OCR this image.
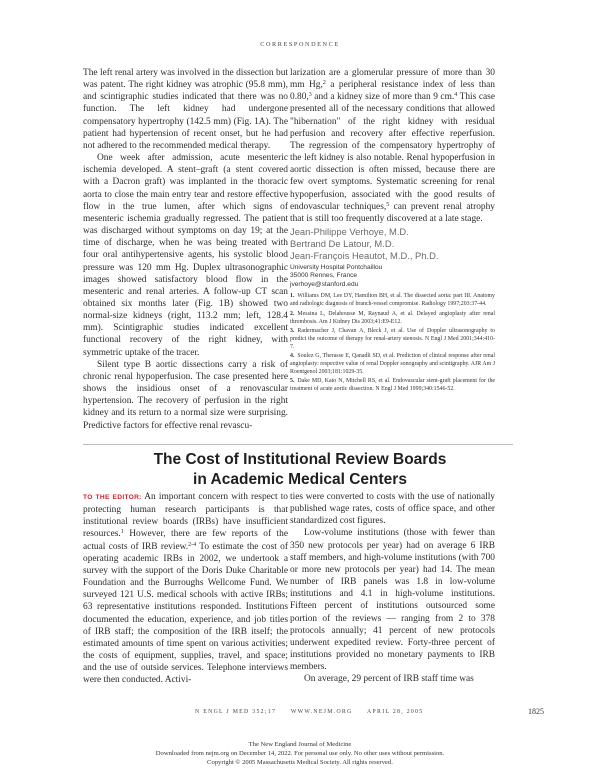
CORRESPONDENCE

The left renal artery was involved in the dissection but was patent. The right kidney was atrophic (95.8 mm), and scintigraphic studies indicated that there was no function. The left kidney had undergone compensatory hypertrophy (142.5 mm) (Fig. 1A). The patient had hypertension of recent onset, but he had not adhered to the recommended medical therapy.

One week after admission, acute mesenteric ischemia developed. A stent–graft (a stent covered with a Dacron graft) was implanted in the thoracic aorta to close the main entry tear and restore effective flow in the true lumen, after which signs of mesenteric ischemia gradually regressed. The patient was discharged without symptoms on day 19; at the time of discharge, when he was being treated with four oral antihypertensive agents, his systolic blood pressure was 120 mm Hg. Duplex ultrasonographic images showed satisfactory blood flow in the mesenteric and renal arteries. A follow-up CT scan obtained six months later (Fig. 1B) showed two normal-size kidneys (right, 113.2 mm; left, 128.4 mm). Scintigraphic studies indicated excellent functional recovery of the right kidney, with symmetric uptake of the tracer.

Silent type B aortic dissections carry a risk of chronic renal hypoperfusion. The case presented here shows the insidious onset of a renovascular hypertension. The recovery of perfusion in the right kidney and its return to a normal size were surprising. Predictive factors for effective renal revascu-

larization are a glomerular pressure of more than 30 mm Hg,$^2$ a peripheral resistance index of less than 0.80,$^3$ and a kidney size of more than 9 cm.$^4$ This case presented all of the necessary conditions that allowed "hibernation" of the right kidney with residual perfusion and recovery after effective reperfusion. The regression of the compensatory hypertrophy of the left kidney is also notable. Renal hypoperfusion in aortic dissection is often missed, because there are few overt symptoms. Systematic screening for renal hypoperfusion, associated with the good results of endovascular techniques,$^5$ can prevent renal atrophy that is still too frequently discovered at a late stage.

Jean-Philippe Verhoye, M.D.
Bertrand De Latour, M.D.
Jean-François Heautot, M.D., Ph.D.
University Hospital Pontchaillou
35000 Rennes, France
jverhoye@stanford.edu
1. Williams DM, Lee DY, Hamilton BH, et al. The dissected aorta: part III. Anatomy and radiologic diagnosis of branch-vessel compromise. Radiology 1997;203:37-44.
2. Messina L, Delahousse M, Raynaud A, et al. Delayed angioplasty after renal thrombosis. Am J Kidney Dis 2003;41:E9-E12.
3. Radermacher J, Chavan A, Bleck J, et al. Use of Doppler ultrasonography to predict the outcome of therapy for renal-artery stenosis. N Engl J Med 2001;344:410-7.
4. Soulez G, Therasse E, Qanadli SD, et al. Prediction of clinical response after renal angioplasty: respective value of renal Doppler sonography and scintigraphy. AJR Am J Roentgenol 2003;181:1029-35.
5. Dake MD, Kato N, Mitchell RS, et al. Endovascular stent-graft placement for the treatment of acute aortic dissection. N Engl J Med 1999;340:1546-52.
The Cost of Institutional Review Boards
in Academic Medical Centers

TO THE EDITOR: An important concern with respect to protecting human research participants is that institutional review boards (IRBs) have insufficient resources.$^1$ However, there are few reports of the actual costs of IRB review.$^{2-4}$ To estimate the cost of operating academic IRBs in 2002, we undertook a survey with the support of the Doris Duke Charitable Foundation and the Burroughs Wellcome Fund. We surveyed 121 U.S. medical schools with active IRBs; 63 representative institutions responded. Institutions documented the education, experience, and job titles of IRB staff; the composition of the IRB itself; the estimated amounts of time spent on various activities; the costs of equipment, supplies, travel, and space; and the use of outside services. Telephone interviews were then conducted. Activi-

ties were converted to costs with the use of nationally published wage rates, costs of office space, and other standardized cost figures.

Low-volume institutions (those with fewer than 350 new protocols per year) had on average 6 IRB staff members, and high-volume institutions (with 700 or more new protocols per year) had 14. The mean number of IRB panels was 1.8 in low-volume institutions and 4.1 in high-volume institutions. Fifteen percent of institutions outsourced some portion of the reviews — ranging from 2 to 378 protocols annually; 41 percent of new protocols underwent expedited review. Forty-three percent of institutions provided no monetary payments to IRB members.

On average, 29 percent of IRB staff time was

N ENGL J MED 352;17	WWW.NEJM.ORG APRIL 28, 2005	1825
The New England Journal of Medicine
Downloaded from nejm.org on December 14, 2022. For personal use only. No other uses without permission.
Copyright © 2005 Massachusetts Medical Society. All rights reserved.
